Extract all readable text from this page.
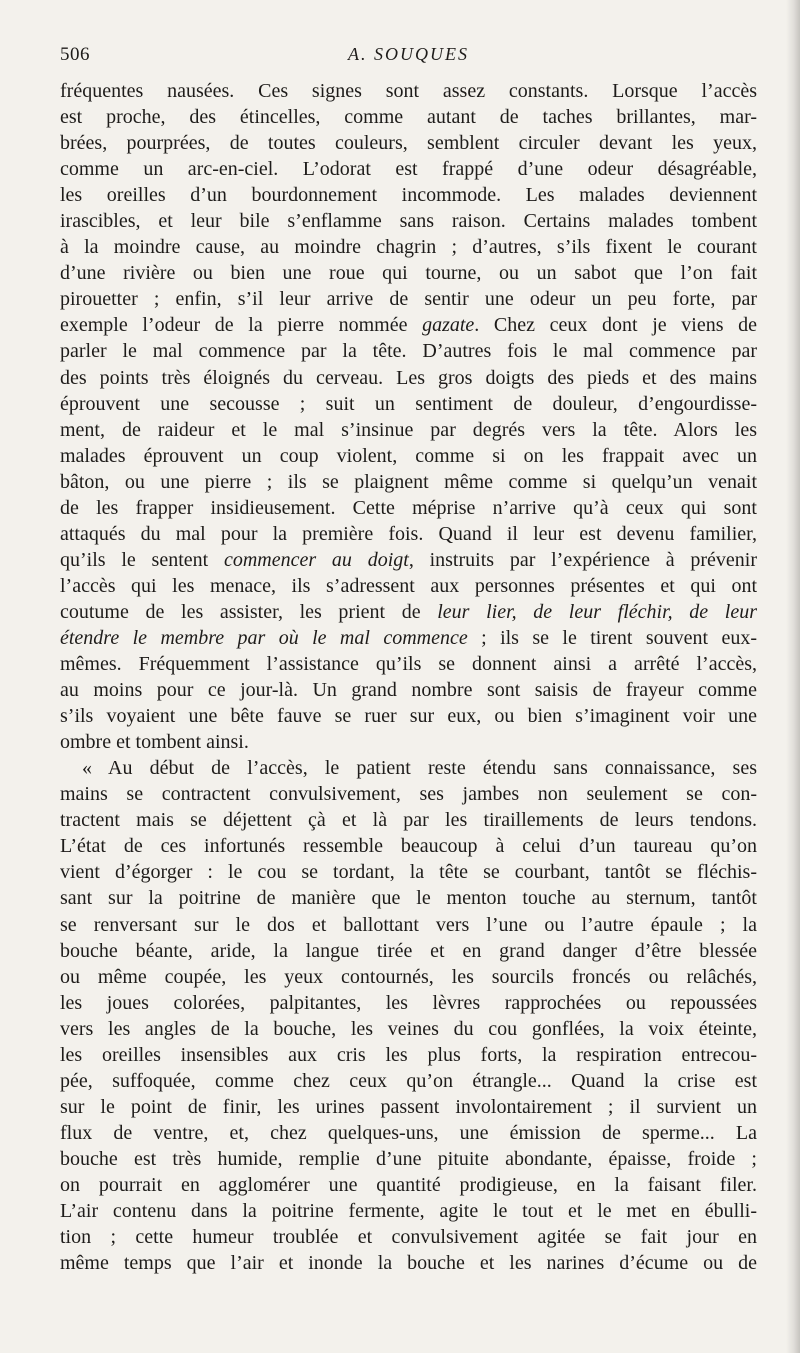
506	A. SOUQUES
fréquentes nausées. Ces signes sont assez constants. Lorsque l’accès
est proche, des étincelles, comme autant de taches brillantes, mar-
brées, pourprées, de toutes couleurs, semblent circuler devant les yeux,
comme un arc-en-ciel. L’odorat est frappé d’une odeur désagréable,
les oreilles d’un bourdonnement incommode. Les malades deviennent
irascibles, et leur bile s’enflamme sans raison. Certains malades tombent
à la moindre cause, au moindre chagrin ; d’autres, s’ils fixent le courant
d’une rivière ou bien une roue qui tourne, ou un sabot que l’on fait
pirouetter ; enfin, s’il leur arrive de sentir une odeur un peu forte, par
exemple l’odeur de la pierre nommée gazate. Chez ceux dont je viens de
parler le mal commence par la tête. D’autres fois le mal commence par
des points très éloignés du cerveau. Les gros doigts des pieds et des mains
éprouvent une secousse ; suit un sentiment de douleur, d’engourdisse-
ment, de raideur et le mal s’insinue par degrés vers la tête. Alors les
malades éprouvent un coup violent, comme si on les frappait avec un
bâton, ou une pierre ; ils se plaignent même comme si quelqu’un venait
de les frapper insidieusement. Cette méprise n’arrive qu’à ceux qui sont
attaqués du mal pour la première fois. Quand il leur est devenu familier,
qu’ils le sentent commencer au doigt, instruits par l’expérience à prévenir
l’accès qui les menace, ils s’adressent aux personnes présentes et qui ont
coutume de les assister, les prient de leur lier, de leur fléchir, de leur
étendre le membre par où le mal commence ; ils se le tirent souvent eux-
mêmes. Fréquemment l’assistance qu’ils se donnent ainsi a arrêté l’accès,
au moins pour ce jour-là. Un grand nombre sont saisis de frayeur comme
s’ils voyaient une bête fauve se ruer sur eux, ou bien s’imaginent voir une
ombre et tombent ainsi.
« Au début de l’accès, le patient reste étendu sans connaissance, ses
mains se contractent convulsivement, ses jambes non seulement se con-
tractent mais se déjettent çà et là par les tiraillements de leurs tendons.
L’état de ces infortunés ressemble beaucoup à celui d’un taureau qu’on
vient d’égorger : le cou se tordant, la tête se courbant, tantôt se fléchis-
sant sur la poitrine de manière que le menton touche au sternum, tantôt
se renversant sur le dos et ballottant vers l’une ou l’autre épaule ; la
bouche béante, aride, la langue tirée et en grand danger d’être blessée
ou même coupée, les yeux contournés, les sourcils froncés ou relâchés,
les joues colorées, palpitantes, les lèvres rapprochées ou repoussées
vers les angles de la bouche, les veines du cou gonflées, la voix éteinte,
les oreilles insensibles aux cris les plus forts, la respiration entrecou-
pée, suffoquée, comme chez ceux qu’on étrangle... Quand la crise est
sur le point de finir, les urines passent involontairement ; il survient un
flux de ventre, et, chez quelques-uns, une émission de sperme... La
bouche est très humide, remplie d’une pituite abondante, épaisse, froide ;
on pourrait en agglomérer une quantité prodigieuse, en la faisant filer.
L’air contenu dans la poitrine fermente, agite le tout et le met en ébulli-
tion ; cette humeur troublée et convulsivement agitée se fait jour en
même temps que l’air et inonde la bouche et les narines d’écume ou de
